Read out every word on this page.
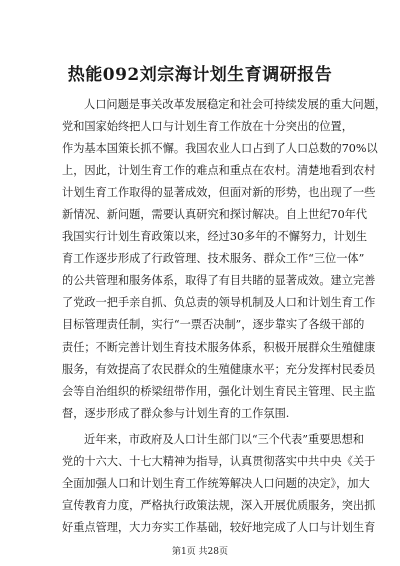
热能092刘宗海计划生育调研报告
人口问题是事关改革发展稳定和社会可持续发展的重大问题，
党和国家始终把人口与计划生育工作放在十分突出的位置，
作为基本国策长抓不懈。我国农业人口占到了人口总数的70%以
上，因此，计划生育工作的难点和重点在农村。清楚地看到农村
计划生育工作取得的显著成效，但面对新的形势，也出现了一些
新情况、新问题，需要认真研究和探讨解决。自上世纪70年代
我国实行计划生育政策以来，经过30多年的不懈努力，计划生
育工作逐步形成了行政管理、技术服务、群众工作“三位一体”
的公共管理和服务体系，取得了有目共睹的显著成效。建立完善
了党政一把手亲自抓、负总责的领导机制及人口和计划生育工作
目标管理责任制，实行“一票否决制”，逐步靠实了各级干部的
责任；不断完善计划生育技术服务体系，积极开展群众生殖健康
服务，有效提高了农民群众的生殖健康水平；充分发挥村民委员
会等自治组织的桥梁纽带作用，强化计划生育民主管理、民主监
督，逐步形成了群众参与计划生育的工作氛围.
近年来，市政府及人口计生部门以“三个代表”重要思想和
党的十六大、十七大精神为指导，认真贯彻落实中共中央《关于
全面加强人口和计划生育工作统筹解决人口问题的决定》，加大
宣传教育力度，严格执行政策法规，深入开展优质服务，突出抓
好重点管理，大力夯实工作基础，较好地完成了人口与计划生育
第1页 共28页
